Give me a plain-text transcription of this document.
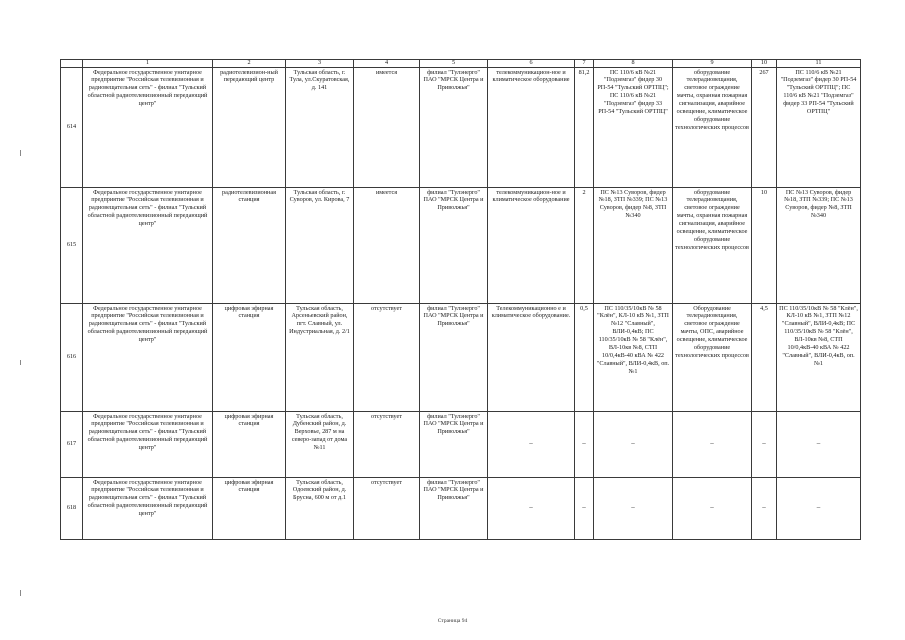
	1	2	3	4	5	6	7	8	9	10	11
614	Федеральное государственное унитарное предприятие "Российская телевизионная и радиовещательная сеть" - филиал "Тульский областной радиотелевизионный передающий центр"	радиотелевизион-ный передающий центр	Тульская область, г. Тула, ул.Скуратовская, д. 141	имеется	филиал "Тулэнерго" ПАО "МРСК Центра и Приволжья"	телекоммуникацион-ное и климатическое оборудование	81,2	ПС 110/6 кВ №21 "Подземгаз" фидер 30 РП-54 "Тульский ОРТПЦ"; ПС 110/6 кВ №21 "Подземгаз" фидер 33 РП-54 "Тульский ОРТПЦ"	оборудование телерадиовещания, световое ограждение мачты, охранная пожарная сигнализация, аварийное освещение, климатическое оборудование технологических процессов	267	ПС 110/6 кВ №21 "Подземгаз" фидер 30 РП-54 "Тульский ОРТПЦ"; ПС 110/6 кВ №21 "Подземгаз" фидер 33 РП-54 "Тульский ОРТПЦ"
615	Федеральное государственное унитарное предприятие "Российская телевизионная и радиовещательная сеть" - филиал "Тульский областной радиотелевизионный передающий центр"	радиотелевизионная станция	Тульская область, г. Суворов, ул. Кирова, 7	имеется	филиал "Тулэнерго" ПАО "МРСК Центра и Приволжья"	телекоммуникацион-ное и климатическое оборудование	2	ПС №13 Суворов, фидер №18, ЗТП №339; ПС №13 Суворов, фидер №8, ЗТП №340	оборудование телерадиовещания, световое ограждение мачты, охранная пожарная сигнализация, аварийное освещение, климатическое оборудование технологических процессов	10	ПС №13 Суворов, фидер №18, ЗТП №339; ПС №13 Суворов, фидер №8, ЗТП №340
616	Федеральное государственное унитарное предприятие "Российская телевизионная и радиовещательная сеть" - филиал "Тульский областной радиотелевизионный передающий центр"	цифровая эфирная станция	Тульская область, Арсеньевский район, пгт. Славный, ул. Индустриальная, д. 2/1	отсутствует	филиал "Тулэнерго" ПАО "МРСК Центра и Приволжья"	Телекоммуникационно е и климатическое оборудование.	0,5	ПС 110/35/10кВ № 58 "Клён", КЛ-10 кВ №1, ЗТП №12 "Славный", ВЛИ-0,4кВ; ПС 110/35/10кВ № 58 "Клён", ВЛ-10кв №8, СТП 10/0,4кВ-40 кВА № 422 "Славный", ВЛИ-0,4кВ, оп.№1	Оборудование телерадиовещания, световое ограждение мачты, ОПС, аварийное освещение, климатическое оборудование технологических процессов	4,5	ПС 110/35/10кВ № 58 "Клён", КЛ-10 кВ №1, ЗТП №12 "Славный", ВЛИ-0,4кВ; ПС 110/35/10кВ № 58 "Клён", ВЛ-10кв №8, СТП 10/0,4кВ-40 кВА № 422 "Славный", ВЛИ-0,4кВ, оп.№1
617	Федеральное государственное унитарное предприятие "Российская телевизионная и радиовещательная сеть" - филиал "Тульский областной радиотелевизионный передающий центр"	цифровая эфирная станция	Тульская область, Дубенский район, д. Верховье, 287 м на северо-запад от дома №11	отсутствует	филиал "Тулэнерго" ПАО "МРСК Центра и Приволжья"	–	–	–	–	–	–
618	Федеральное государственное унитарное предприятие "Российская телевизионная и радиовещательная сеть" - филиал "Тульский областной радиотелевизионный передающий центр"	цифровая эфирная станция	Тульская область, Одоевский район, д. Брусна, 600 м от д.1	отсутствует	филиал "Тулэнерго" ПАО "МРСК Центра и Приволжья"	–	–	–	–	–	–
Страница 94
